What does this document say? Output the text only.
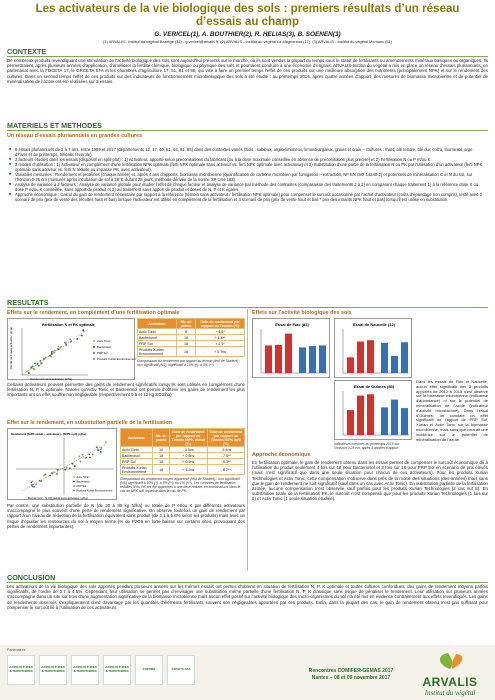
Les activateurs de la vie biologique des sols : premiers résultats d’un réseau
d’essais au champ
G. VERICEL(1), A. BOUTHIER(2), R. HELIAS(3), B. SOENEN(3)
(1) ARVALIS - Institut du végétal Baziège (31) - g.vericel@arvalis.fr, (2) ARVALIS - Institut du végétal Le Magneraud (17), (3) ARVALIS - Institut du végétal Montans (81)
CONTEXTE
De nombreux produits revendiquant une stimulation de l’activité biologique des sols sont aujourd’hui présents sur le marché, où ils sont vendus la plupart du temps sous le statut de fertilisants ou amendements minéraux basiques ou organiques. Ils permettraient, après plusieurs années d’application, d’améliorer la fertilité chimique, biologique ou physique des sols et pourraient conduire à une économie d’engrais. ARVALIS-Institut du végétal a mis en place un réseau d’essais pluriannuels, en partenariat avec la FDCETA 17, le GRCETA SFA et les chambres d’agriculture 17, 51, 81 et 85, qui vise à faire un premier temps l’effet de ces produits sur une meilleure absorption des nutriments (principalement NPK) et sur le rendement des cultures. Dans un second temps l’effet de ces produits sur des indicateurs de fonctionnement microbiologique des sols a été étudié : au printemps 2016, après quatre années d’apport, des mesures de biomasse microbienne et de potentiel de minéralisation de l’azote ont été réalisées sur 3 essais.
MATERIELS ET METHODES
Un réseau d’essais pluriannuels en grandes cultures
■ 9 essais pluriannuels de 2 à 7 ans, entre 1999 et 2017 (départements 12, 17, 40, 51, 64, 81, 85) dans des contextes variés (Sols : sableux, argilo-limoneux, limono-argileux, groies et craie – Cultures : maïs, blé tendre, blé dur, colza, tournesol, orge d’hiver et de printemps, triticale, féverole).
■ 2 facteurs étudiés dans les essais (dispositif en split-plot) : 1) Activateur, apporté selon préconisations du fabricant (ou à la dose maximale conseillée en absence de préconisation plus précise) et 2) Fertilisation N ou P et/ou K.
■ 2 modes d’utilisation : 1) Activateur en complément d’une fertilisation NPK optimale (ferti NPK optimale sans activeur vs. ferti NPK optimale avec activateur) et 2) Substitution d’une partie de la fertilisation N ou PK par l’utilisation d’un activateur (ferti NPK optimale sans activeur vs. ferti N réduite ou impasse PK, avec activateur).
■ Variables mesurées : Rendement et protéines (chaque année) et, après 4 ans d’apports, biomasse microbienne (quantification de carbone microbien par fumigation – extraction, NF EN ISO 14240-2) et potentiels de minéralisation C et N du sol, sur l’horizon 0-25 cm (mesurés après incubation de sol à 28°C durant 28 jours, méthode dérivée de la norme XP U44-163)
■ Analyse de variance à 2 facteurs : Analyse de variance globale pour étudier l’effet de chaque facteur et analyse de variance par méthode des contrastes (comparaison des traitements 2 à 2) en comparant chaque traitement 1) à la référence dose X ou dose P et/ou K conseillée, sans apport de produit et 2) au traitement sans apport de produit et doses de N, P et K égales.
■ Approche économique : Calcul du gain de rendement nécessaire par rapport à la référence (témoin sans activateur / fertilisation NPK optimale) pour compenser le surcoût occasionné par l’achat d’activateur (coûts d’épandage non compris), testé avec 2 scenarii de prix (prix de vente des récoltes haut et bas) lorsque l’activateur est utilisé en complément de la fertilisation et 4 scenarii de prix (prix de vente haut et bas * prix des intrants NPK haut et bas) lorsqu’il est utilisé en substitution.
RESULTATS
Effets sur le rendement, en complément d’une fertilisation optimale
Fertilisation N et PK optimale
Rendement sans activateur (q/ha)
Rendement avec activateur (q/ha)	Activ Tonic
Bacteriosol
PRP Sol
Produits Xurian Environnement
Activateur	Nb. de points	Gain de rendement par rapport au Témoin (%)
Activ Tonic	8	+ 4.6*
Bacteriosol	18	+ 1.8**
PRP Sol	18	+ 2.5*
Produits Xurian Environnement	16	+ 0.7ns
Comparaison du rendement par rapport au témoin (test de Student) : non significatif (NS), significatif à 10% (*), à 5% (**)
Certains activateurs peuvent permettre des gains de rendement significatifs lorsqu’ils sont utilisés en complément d’une fertilisation N, P, K optimale. Notons qu’Activ Tonic et Bacteriosol ont permis d’obtenir les gains de rendement les plus importants ont un effet souffre non négligeable (respectivement 9.5 et 12 kg SO3/ha)
Effets sur l’activité biologique des sols
Essai de Fiac (81)	Essai de Naucelle (12)
Essai de Oulmes (85)
Indicateurs mesurés au printemps 2016 sur l’horizon 0-25 cm, après 4 années d’apport
Dans les essais de Fiac et Naucelle, aucun effet significatif des 3 produits apportés de 2012 à 2015 n’est observé sur la biomasse microbienne (indicateur d’abondance) ni sur le potentiel de minéralisation de l’azote (indicateur d’activité microbienne). Dans l’essai d’Oulmes, on constate un effet significatif de l’apport de PRP Sol, Xurian et Activ Tonic sur la biomasse microbienne, mais sans que cela ait une incidence sur le potentiel de minéralisation de l’azote.
Effet sur le rendement, en substitution partielle de la fertilisation
Rendement (N/PK réduit + activateur) - (N/PK opti) (q/ha)
Rendement - N, PK réduit sans activateur (q/ha)
Activ Tonic
Bacteriosol
PRP Sol
Produits Xurian Environnement
Activateur	Nb. de points	Gain de rendement par rapport au Témoin N/PK réduit (%)	Gain de rendement par rapport au Témoin N/PK opti (%)
Activ Tonic	10	- 3.5ns	- 5.4ns
Bacteriosol	18	+ 0.8ns	- 7.5**
PRP Sol	18	+ 0.5ns	- 6.3**
Produits Xurian Environnement	16	+ 1.2ns	- 8.2**
Comparaison du rendement moyen apparenté (test de Student) : non significatif (NS) significatif à 10% (*), à 5% (**), ou 1% (***). Les variantes de fertilisation réduites N ou PK ont été apportées à une dose réduite, en combinaison, dans le cas de NPK soit impasse dans le cas de PK.
Par contre, une substitution partielle de N (de 20 à 80 kg N/ha) ou totale de P et/ou K par différents activateurs s’accompagne le plus souvent d’une perte de rendement significative. On observe toutefois un gain de rendement par rapport à un niveau de réduction de la fertilisation équivalent sans produit (de 2.1 à 5.6% selon les produits) mais avec un risque d’épuiser les ressources du sol à moyen terme (% de P2O5 en forte baisse sur certains sites, provoquant des pertes de rendement importantes).
Approche économique
En fertilisation optimale, le gain de rendement obtenu dans les essais permet de compenser le surcoût économique dû à l’utilisation du produit seulement 4 fois sur 18 pour Bacteriosol et 3 fois sur 18 pour PRP Sol en scenario de prix élevés (mais n’est significatif que dans une seule situation pour chacun de ces activateurs). Pour les produits Xurian Technologies et Activ Tonic, cette compensation s’observe dans près de la moitié des situations (des-années) mais sans que le gain de rendement ne soit significatif (sauf dans un cas avec Activ Tonic). En substitution partielle de la fertilisation azotée, aucune compensation n’est observée sauf parfois pour les produits Xurian Technologies (2 cas sur 8). En substitution totale de la fertilisation PK, le surcoût n’est compensé que pour les produits Xurian Technologies (1 fois sur 5) et Activ Tonic (1 seule situation étudiée).
CONCLUSION
Les activateurs de la vie biologique des sols apportés pendant plusieurs années sur les mêmes essais ont permis d’obtenir en situation de fertilisation N, P, K optimale et toutes cultures confondues, des gains de rendement moyens parfois significatifs, de l’ordre de 0.7 à 4.5%. Cependant, leur utilisation ne permet pas d’envisager une substitution même partielle d’une fertilisation N, P, K classique sans risque de pénaliser le rendement. Leur utilisation sur plusieurs années s’accompagne dans un site sur trois d’une augmentation significative de la biomasse microbienne mais aucun effet positif sur l’activité biologique des micro-organismes du sol n’a été mis en évidence contrairement aux effets revendiqués. Les gains de rendements observés s’expliqueraient donc davantage par les quantités d’éléments fertilisants souvent non négligeables apportées par ces produits. Enfin, dans la plupart des cas, le gain de rendement obtenu n’est pas suffisant pour compenser le surcoût lié à l’utilisation de ces activateurs.
Partenaires
AGRICULTURES & TERRITOIRES
AGRICULTURES & TERRITOIRES
AGRICULTURES & TERRITOIRES
AGRICULTURES & TERRITOIRES	FNPSMS	GRCETA SFA	Rencontres COMIFER-GEMAS 2017
Nantes – 08 et 09 novembre 2017	ARVALIS
Institut du végétal
